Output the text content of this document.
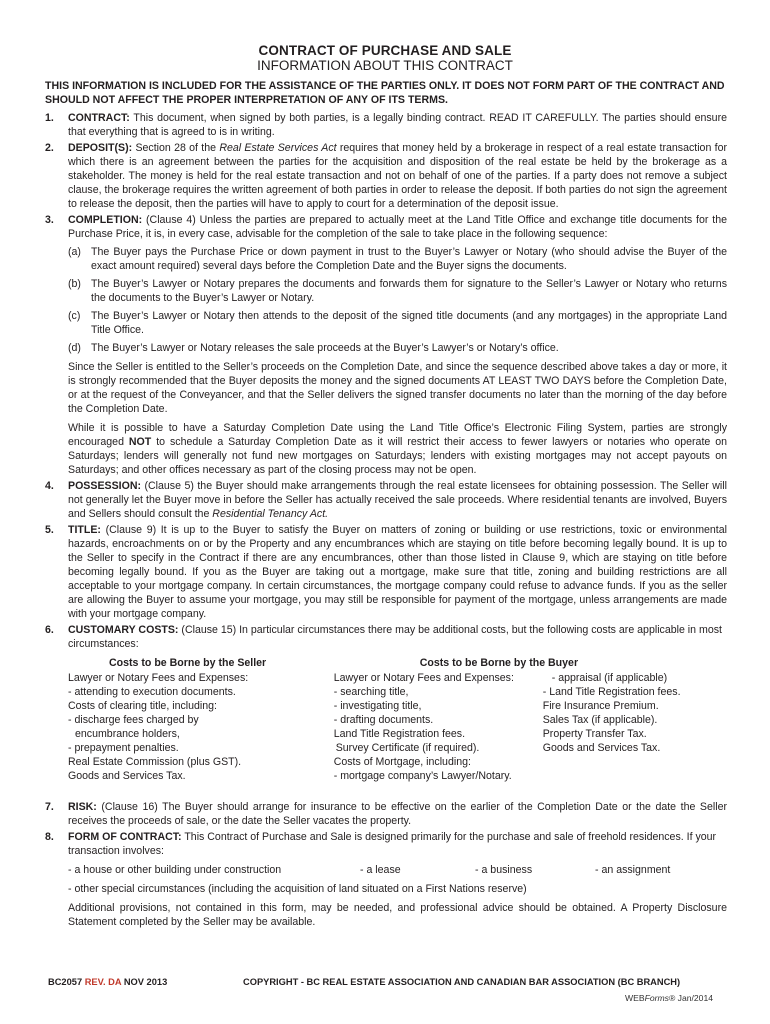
CONTRACT OF PURCHASE AND SALE
INFORMATION ABOUT THIS CONTRACT
THIS INFORMATION IS INCLUDED FOR THE ASSISTANCE OF THE PARTIES ONLY. IT DOES NOT FORM PART OF THE CONTRACT AND SHOULD NOT AFFECT THE PROPER INTERPRETATION OF ANY OF ITS TERMS.
1. CONTRACT: This document, when signed by both parties, is a legally binding contract. READ IT CAREFULLY. The parties should ensure that everything that is agreed to is in writing.
2. DEPOSIT(S): Section 28 of the Real Estate Services Act requires that money held by a brokerage in respect of a real estate transaction for which there is an agreement between the parties for the acquisition and disposition of the real estate be held by the brokerage as a stakeholder. The money is held for the real estate transaction and not on behalf of one of the parties. If a party does not remove a subject clause, the brokerage requires the written agreement of both parties in order to release the deposit. If both parties do not sign the agreement to release the deposit, then the parties will have to apply to court for a determination of the deposit issue.
3. COMPLETION: (Clause 4) Unless the parties are prepared to actually meet at the Land Title Office and exchange title documents for the Purchase Price, it is, in every case, advisable for the completion of the sale to take place in the following sequence:
(a) The Buyer pays the Purchase Price or down payment in trust to the Buyer’s Lawyer or Notary (who should advise the Buyer of the exact amount required) several days before the Completion Date and the Buyer signs the documents.
(b) The Buyer’s Lawyer or Notary prepares the documents and forwards them for signature to the Seller’s Lawyer or Notary who returns the documents to the Buyer’s Lawyer or Notary.
(c) The Buyer’s Lawyer or Notary then attends to the deposit of the signed title documents (and any mortgages) in the appropriate Land Title Office.
(d) The Buyer’s Lawyer or Notary releases the sale proceeds at the Buyer’s Lawyer’s or Notary’s office.
Since the Seller is entitled to the Seller’s proceeds on the Completion Date, and since the sequence described above takes a day or more, it is strongly recommended that the Buyer deposits the money and the signed documents AT LEAST TWO DAYS before the Completion Date, or at the request of the Conveyancer, and that the Seller delivers the signed transfer documents no later than the morning of the day before the Completion Date.
While it is possible to have a Saturday Completion Date using the Land Title Office’s Electronic Filing System, parties are strongly encouraged NOT to schedule a Saturday Completion Date as it will restrict their access to fewer lawyers or notaries who operate on Saturdays; lenders will generally not fund new mortgages on Saturdays; lenders with existing mortgages may not accept payouts on Saturdays; and other offices necessary as part of the closing process may not be open.
4. POSSESSION: (Clause 5) the Buyer should make arrangements through the real estate licensees for obtaining possession. The Seller will not generally let the Buyer move in before the Seller has actually received the sale proceeds. Where residential tenants are involved, Buyers and Sellers should consult the Residential Tenancy Act.
5. TITLE: (Clause 9) It is up to the Buyer to satisfy the Buyer on matters of zoning or building or use restrictions, toxic or environmental hazards, encroachments on or by the Property and any encumbrances which are staying on title before becoming legally bound. It is up to the Seller to specify in the Contract if there are any encumbrances, other than those listed in Clause 9, which are staying on title before becoming legally bound. If you as the Buyer are taking out a mortgage, make sure that title, zoning and building restrictions are all acceptable to your mortgage company. In certain circumstances, the mortgage company could refuse to advance funds. If you as the seller are allowing the Buyer to assume your mortgage, you may still be responsible for payment of the mortgage, unless arrangements are made with your mortgage company.
6. CUSTOMARY COSTS: (Clause 15) In particular circumstances there may be additional costs, but the following costs are applicable in most circumstances:
Costs to be Borne by the Seller
Lawyer or Notary Fees and Expenses:
- attending to execution documents.
Costs of clearing title, including:
- discharge fees charged by
encumbrance holders,
- prepayment penalties.
Real Estate Commission (plus GST).
Goods and Services Tax.
Costs to be Borne by the Buyer
Lawyer or Notary Fees and Expenses:	- appraisal (if applicable)
- searching title,	- Land Title Registration fees.
- investigating title,	Fire Insurance Premium.
- drafting documents.	Sales Tax (if applicable).
Land Title Registration fees.	Property Transfer Tax.
Survey Certificate (if required).	Goods and Services Tax.
Costs of Mortgage, including:
- mortgage company’s Lawyer/Notary.
7. RISK: (Clause 16) The Buyer should arrange for insurance to be effective on the earlier of the Completion Date or the date the Seller receives the proceeds of sale, or the date the Seller vacates the property.
8. FORM OF CONTRACT: This Contract of Purchase and Sale is designed primarily for the purchase and sale of freehold residences. If your transaction involves:
- a house or other building under construction	- a lease	- a business	- an assignment
- other special circumstances (including the acquisition of land situated on a First Nations reserve)
Additional provisions, not contained in this form, may be needed, and professional advice should be obtained. A Property Disclosure Statement completed by the Seller may be available.
BC2057 REV. DA NOV 2013	COPYRIGHT - BC REAL ESTATE ASSOCIATION AND CANADIAN BAR ASSOCIATION (BC BRANCH)
WEBForms® Jan/2014
